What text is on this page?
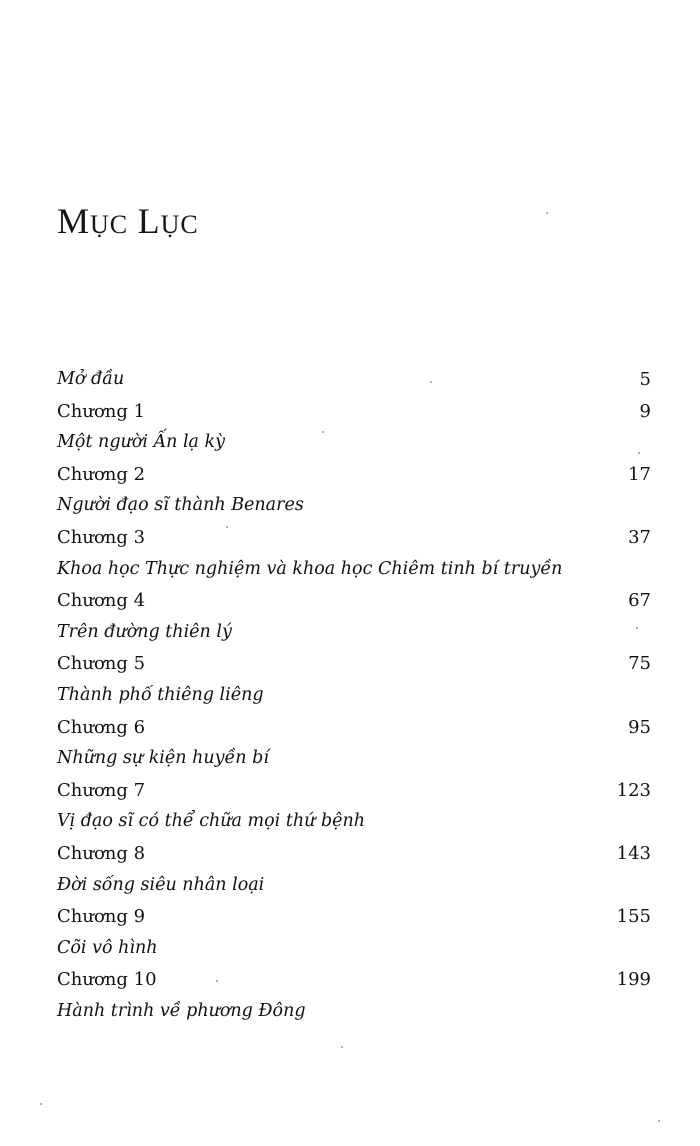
MỤC LỤC
Mở đầu	5
Chương 1	9
Một người Ấn lạ kỳ
Chương 2	17
Người đạo sĩ thành Benares
Chương 3	37
Khoa học Thực nghiệm và khoa học Chiêm tinh bí truyền
Chương 4	67
Trên đường thiên lý
Chương 5	75
Thành phố thiêng liêng
Chương 6	95
Những sự kiện huyền bí
Chương 7	123
Vị đạo sĩ có thể chữa mọi thứ bệnh
Chương 8	143
Đời sống siêu nhân loại
Chương 9	155
Cõi vô hình
Chương 10	199
Hành trình về phương Đông
